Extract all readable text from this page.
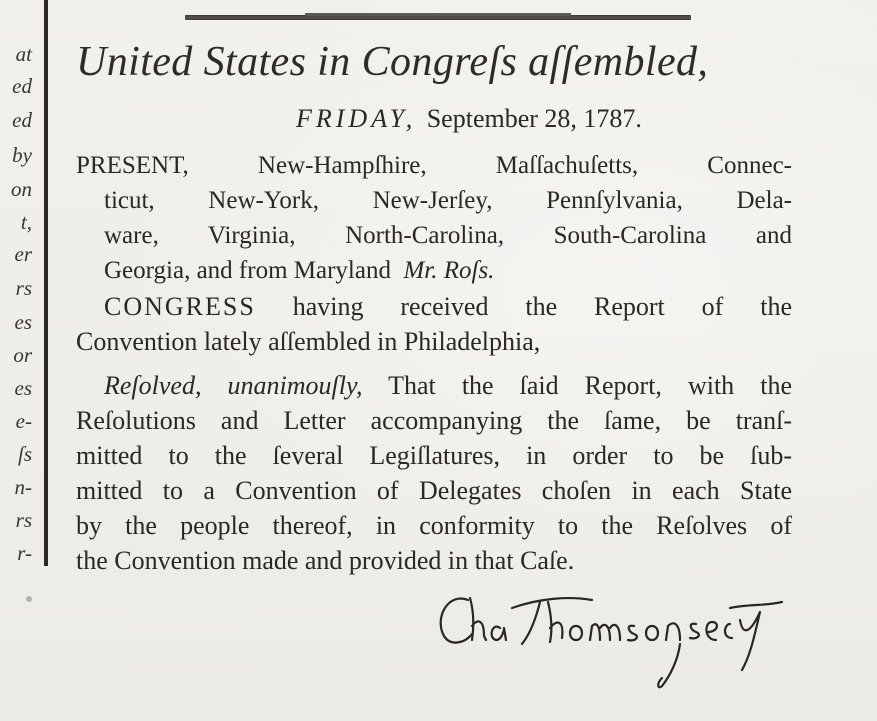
at
ed
ed
by
on
t,
er
rs
es
or
es
e-
ſs
n-
rs
r-
United States in Congreſs aſſembled,
FRIDAY, September 28, 1787.
PRESENT, New-Hampſhire, Maſſachuſetts, Connec-
ticut, New-York, New-Jerſey, Pennſylvania, Dela-
ware, Virginia, North-Carolina, South-Carolina and
Georgia, and from Maryland Mr. Roſs.
CONGRESS having received the Report of the
Convention lately aſſembled in Philadelphia,
Reſolved, unanimouſly, That the ſaid Report, with the
Reſolutions and Letter accompanying the ſame, be tranſ-
mitted to the ſeveral Legiſlatures, in order to be ſub-
mitted to a Convention of Delegates choſen in each State
by the people thereof, in conformity to the Reſolves of
the Convention made and provided in that Caſe.
